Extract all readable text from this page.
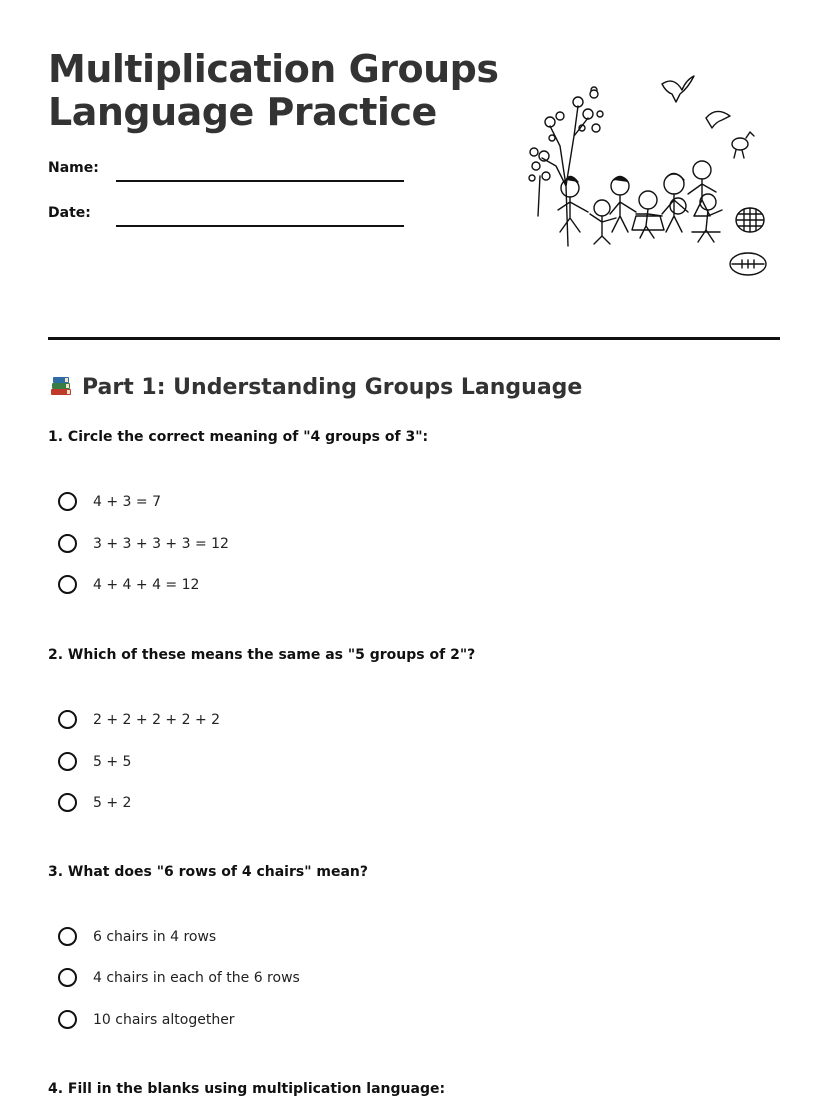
Multiplication Groups
Language Practice
Name:
Date:
Part 1: Understanding Groups Language

1. Circle the correct meaning of "4 groups of 3":

4 + 3 = 7
3 + 3 + 3 + 3 = 12
4 + 4 + 4 = 12

2. Which of these means the same as "5 groups of 2"?

2 + 2 + 2 + 2 + 2
5 + 5
5 + 2

3. What does "6 rows of 4 chairs" mean?

6 chairs in 4 rows
4 chairs in each of the 6 rows
10 chairs altogether

4. Fill in the blanks using multiplication language:
